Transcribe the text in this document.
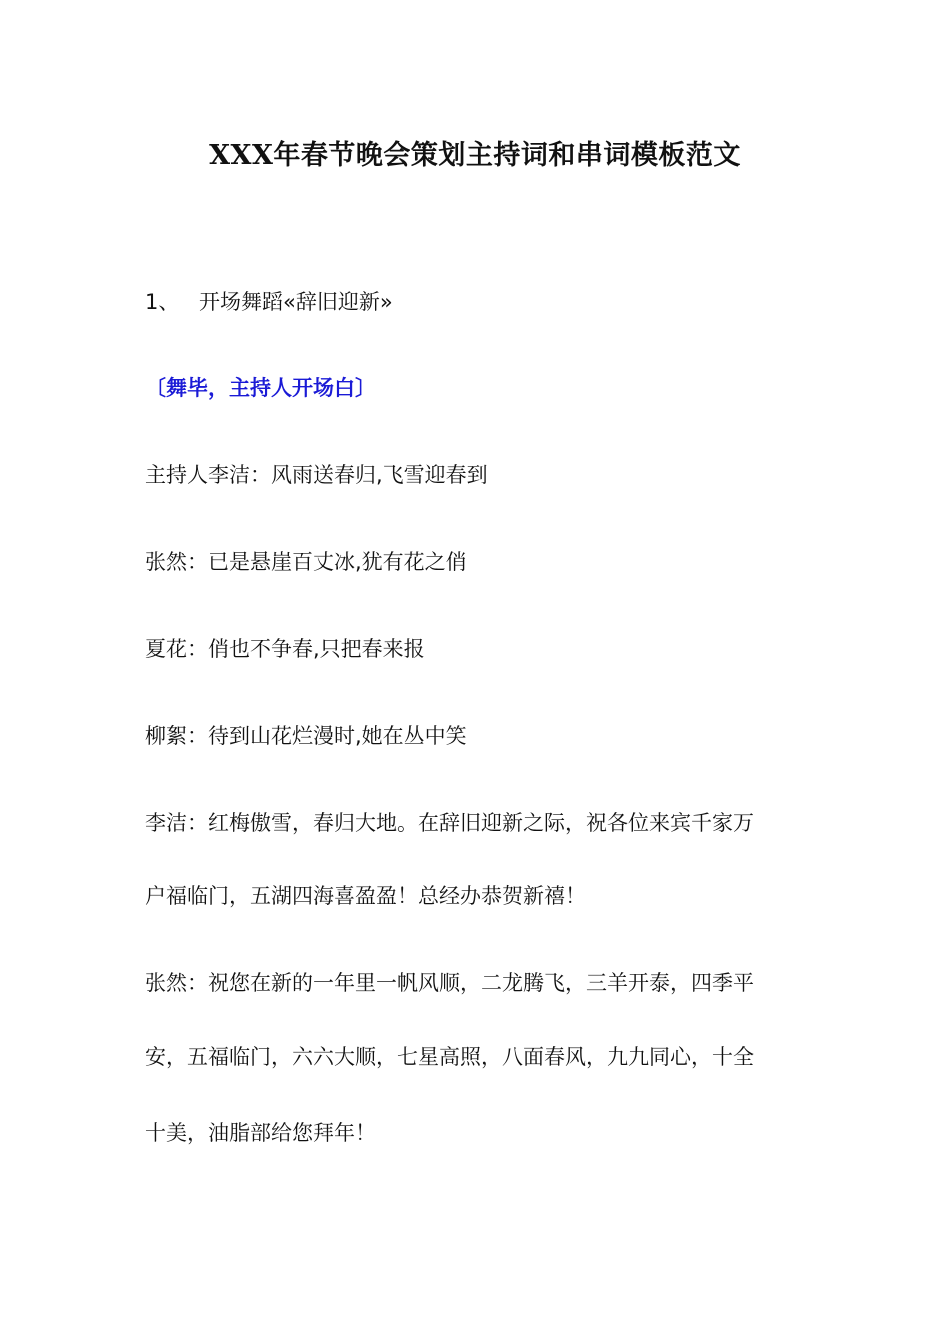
XXX年春节晚会策划主持词和串词模板范文
1、 开场舞蹈«辞旧迎新»
〔舞毕，主持人开场白〕
主持人李洁：风雨送春归,飞雪迎春到
张然：已是悬崖百丈冰,犹有花之俏
夏花：俏也不争春,只把春来报
柳絮：待到山花烂漫时,她在丛中笑
李洁：红梅傲雪，春归大地。在辞旧迎新之际，祝各位来宾千家万
户福临门，五湖四海喜盈盈！总经办恭贺新禧！
张然：祝您在新的一年里一帆风顺，二龙腾飞，三羊开泰，四季平
安，五福临门，六六大顺，七星高照，八面春风，九九同心，十全
十美，油脂部给您拜年！
